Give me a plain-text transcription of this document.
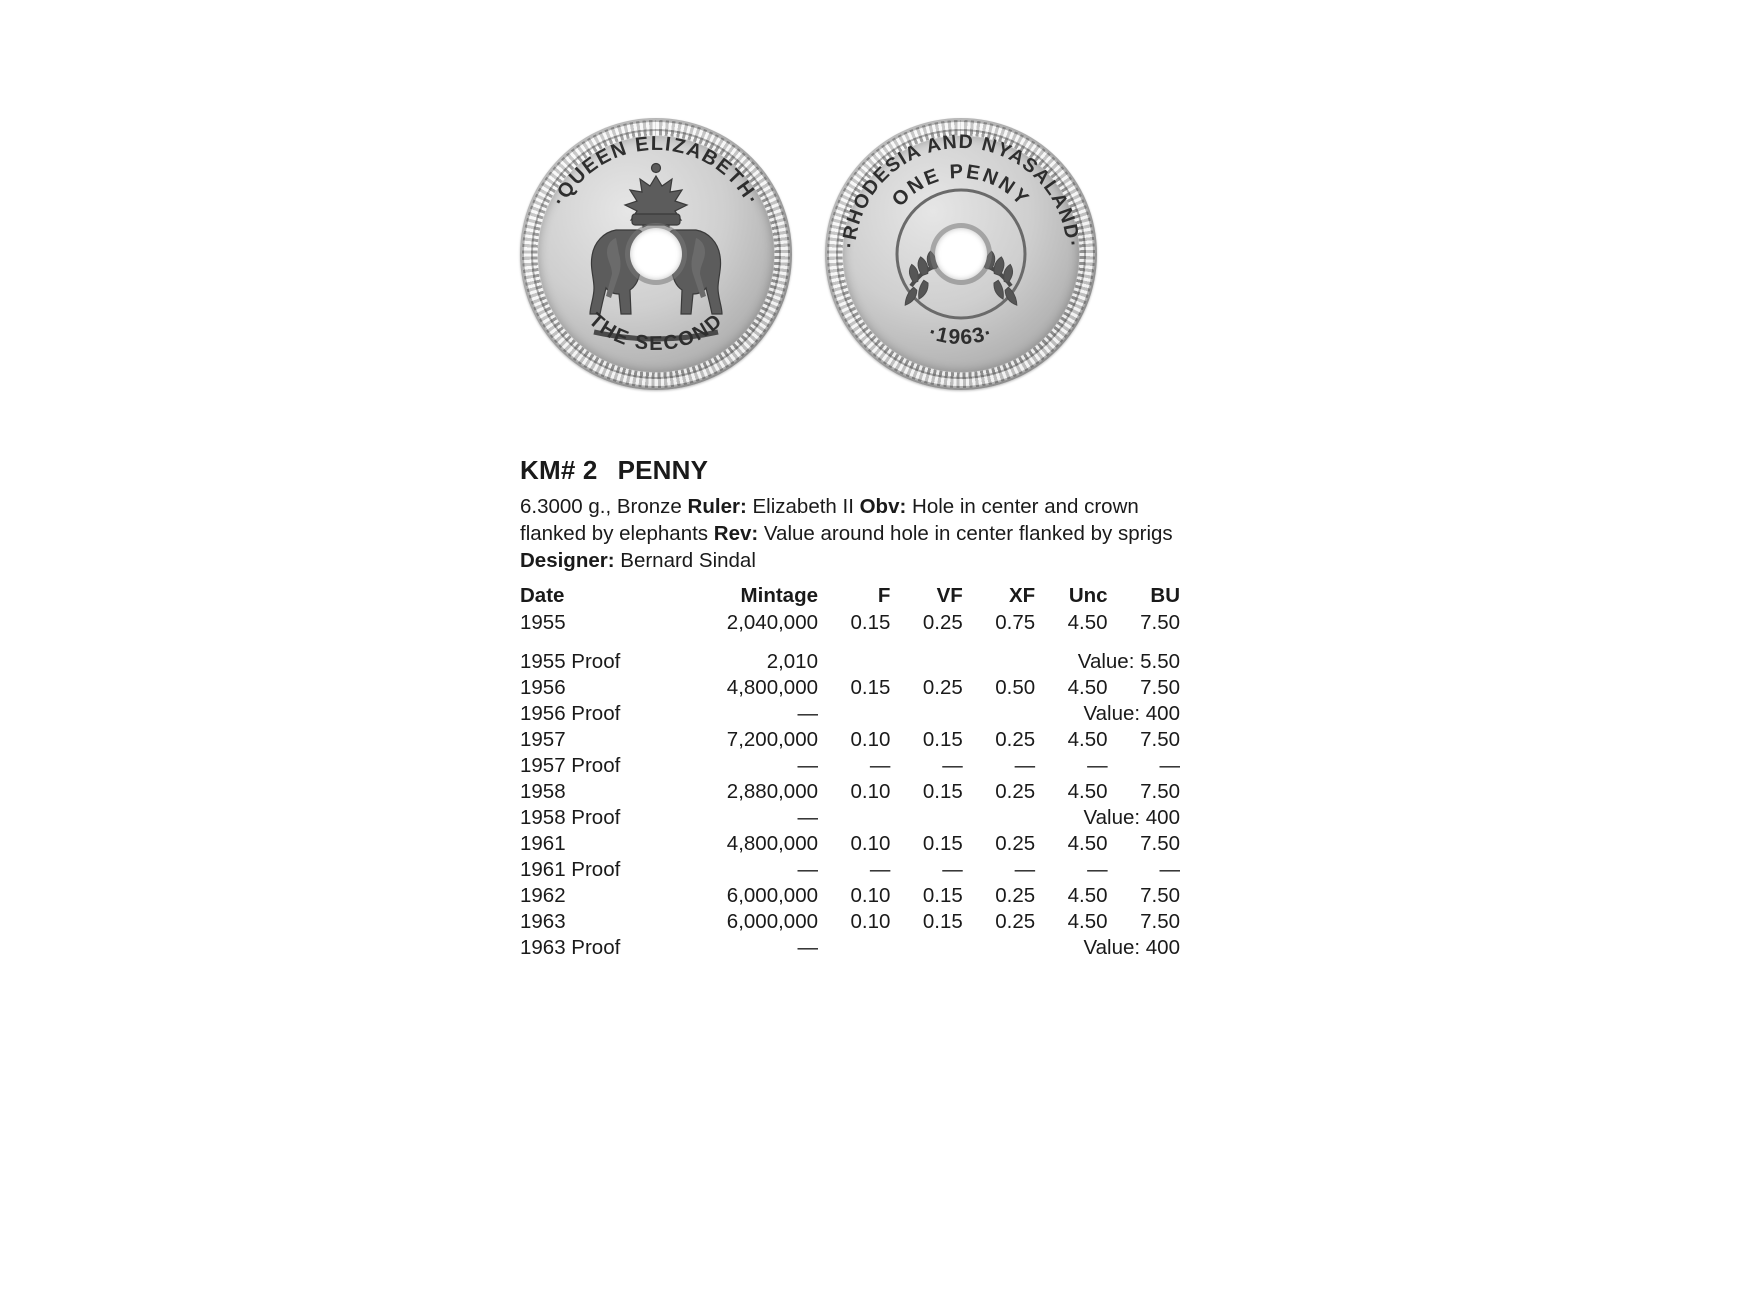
·QUEEN ELIZABETH·
THE SECOND
·RHODESIA AND NYASALAND·
ONE PENNY
·1963·
KM# 2 PENNY
6.3000 g., Bronze Ruler: Elizabeth II Obv: Hole in center and crown flanked by elephants Rev: Value around hole in center flanked by sprigs Designer: Bernard Sindal
Date	Mintage	F	VF	XF	Unc	BU
1955	2,040,000	0.15	0.25	0.75	4.50	7.50
1955 Proof	2,010	Value: 5.50				
1956	4,800,000	0.15	0.25	0.50	4.50	7.50
1956 Proof	—	Value: 400				
1957	7,200,000	0.10	0.15	0.25	4.50	7.50
1957 Proof	—	—	—	—	—	—
1958	2,880,000	0.10	0.15	0.25	4.50	7.50
1958 Proof	—	Value: 400				
1961	4,800,000	0.10	0.15	0.25	4.50	7.50
1961 Proof	—	—	—	—	—	—
1962	6,000,000	0.10	0.15	0.25	4.50	7.50
1963	6,000,000	0.10	0.15	0.25	4.50	7.50
1963 Proof	—	Value: 400				
